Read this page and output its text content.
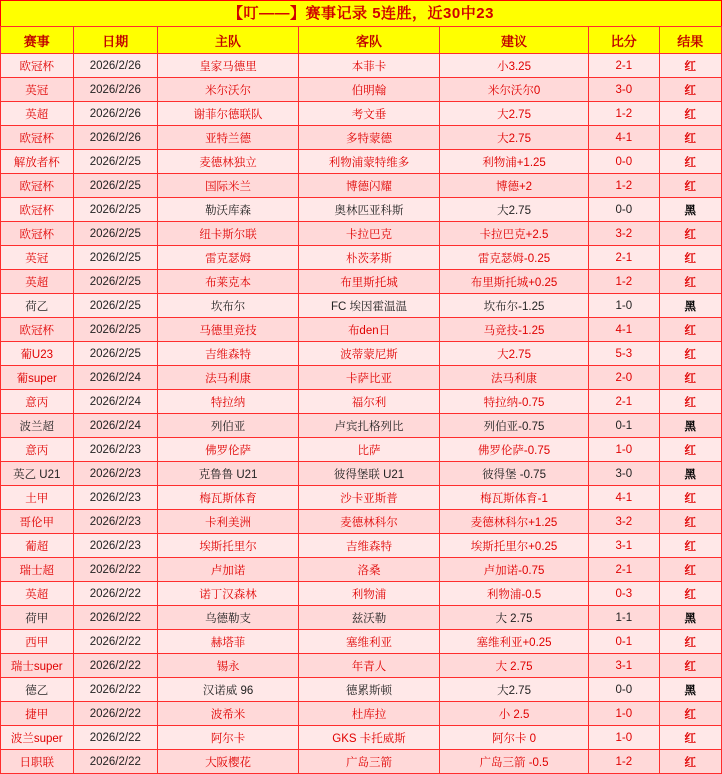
【叮——】赛事记录 5连胜，近30中23
赛事	日期	主队	客队	建议	比分	结果
欧冠杯	2026/2/26	皇家马德里	本菲卡	小3.25	2-1	红
英冠	2026/2/26	米尔沃尔	伯明翰	米尔沃尔0	3-0	红
英超	2026/2/26	谢菲尔德联队	考文垂	大2.75	1-2	红
欧冠杯	2026/2/26	亚特兰德	多特蒙德	大2.75	4-1	红
解放者杯	2026/2/25	麦德林独立	利物浦蒙特维多	利物浦+1.25	0-0	红
欧冠杯	2026/2/25	国际米兰	博德闪耀	博德+2	1-2	红
欧冠杯	2026/2/25	勒沃库森	奥林匹亚科斯	大2.75	0-0	黑
欧冠杯	2026/2/25	纽卡斯尔联	卡拉巴克	卡拉巴克+2.5	3-2	红
英冠	2026/2/25	雷克瑟姆	朴茨茅斯	雷克瑟姆-0.25	2-1	红
英超	2026/2/25	布莱克本	布里斯托城	布里斯托城+0.25	1-2	红
荷乙	2026/2/25	坎布尔	FC 埃因霍温温	坎布尔-1.25	1-0	黑
欧冠杯	2026/2/25	马德里竞技	布den日	马竞技-1.25	4-1	红
葡U23	2026/2/25	吉维森特	波蒂蒙尼斯	大2.75	5-3	红
葡super	2026/2/24	法马利康	卡萨比亚	法马利康	2-0	红
意丙	2026/2/24	特拉纳	福尔利	特拉纳-0.75	2-1	红
波兰超	2026/2/24	列伯亚	卢宾扎格列比	列伯亚-0.75	0-1	黑
意丙	2026/2/23	佛罗伦萨	比萨	佛罗伦萨-0.75	1-0	红
英乙 U21	2026/2/23	克鲁鲁 U21	彼得堡联 U21	彼得堡 -0.75	3-0	黑
土甲	2026/2/23	梅瓦斯体育	沙卡亚斯普	梅瓦斯体育-1	4-1	红
哥伦甲	2026/2/23	卡利美洲	麦德林科尔	麦德林科尔+1.25	3-2	红
葡超	2026/2/23	埃斯托里尔	吉维森特	埃斯托里尔+0.25	3-1	红
瑞士超	2026/2/22	卢加诺	洛桑	卢加诺-0.75	2-1	红
英超	2026/2/22	诺丁汉森林	利物浦	利物浦-0.5	0-3	红
荷甲	2026/2/22	乌德勒支	兹沃勒	大 2.75	1-1	黑
西甲	2026/2/22	赫塔菲	塞维利亚	塞维利亚+0.25	0-1	红
瑞士super	2026/2/22	锡永	年青人	大 2.75	3-1	红
德乙	2026/2/22	汉诺威 96	德累斯顿	大2.75	0-0	黑
捷甲	2026/2/22	波希米	杜库拉	小 2.5	1-0	红
波兰super	2026/2/22	阿尔卡	GKS 卡托威斯	阿尔卡 0	1-0	红
日职联	2026/2/22	大阪樱花	广岛三箭	广岛三箭 -0.5	1-2	红
